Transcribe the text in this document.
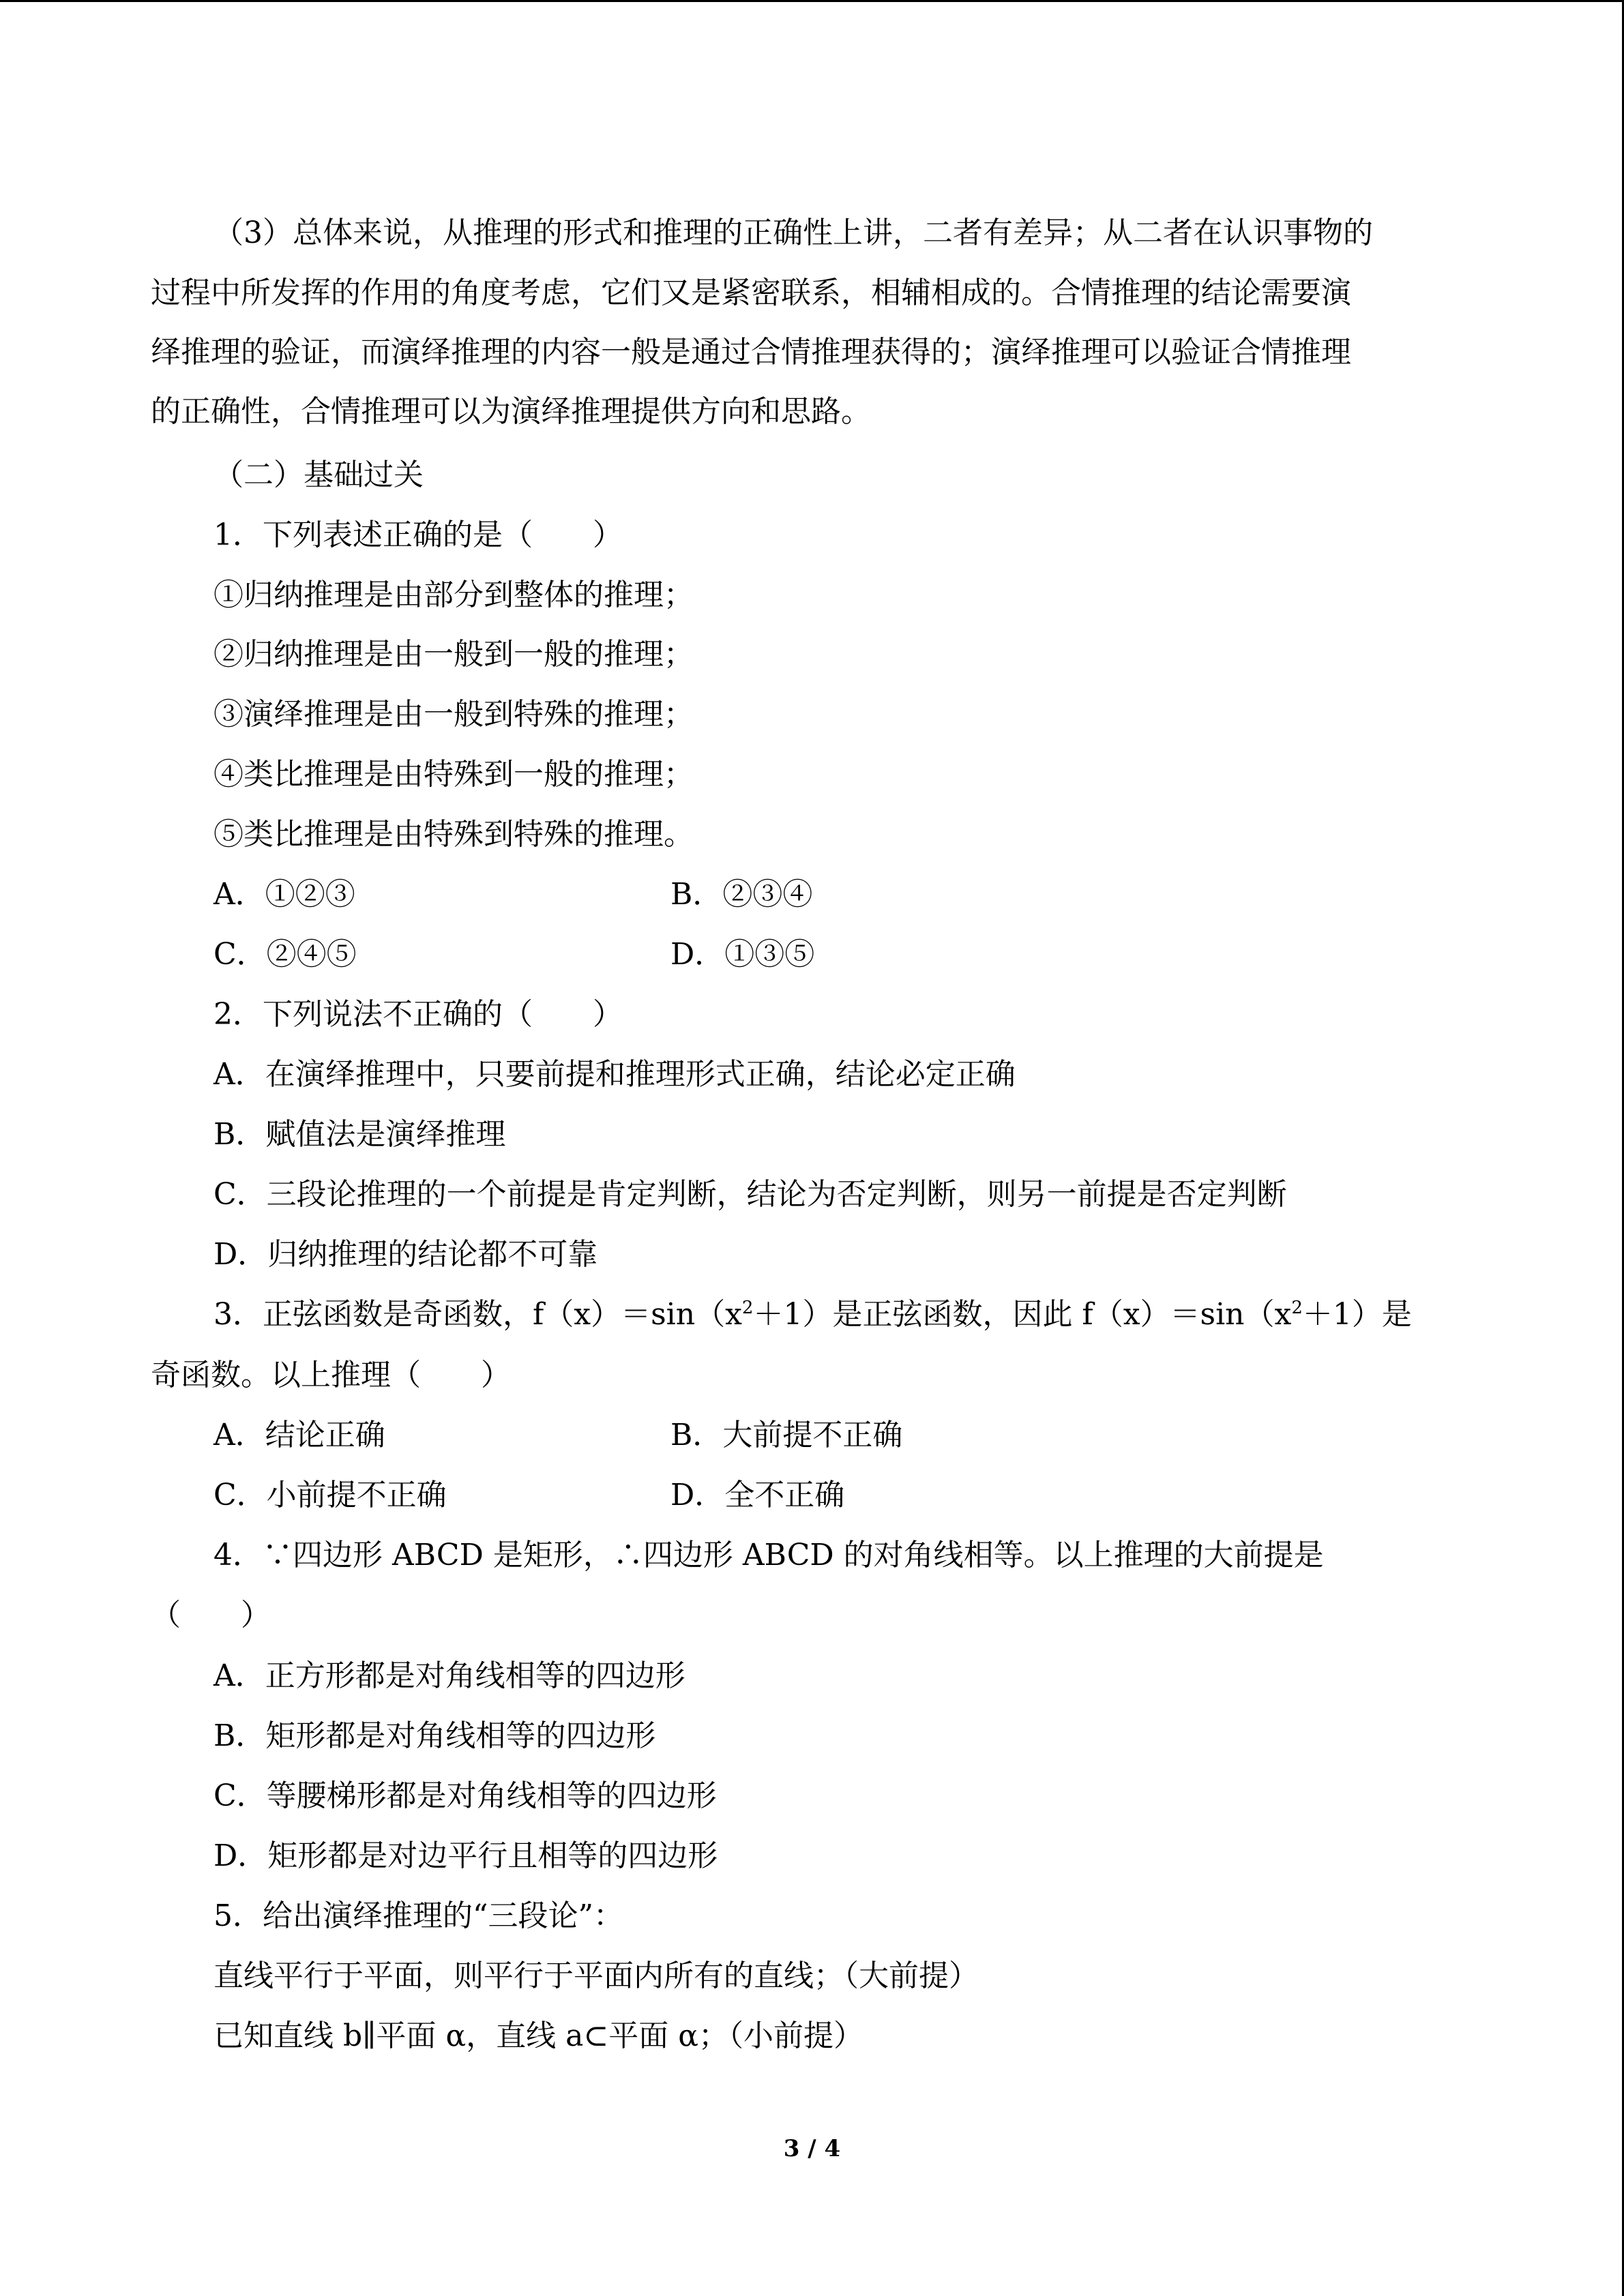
（3）总体来说，从推理的形式和推理的正确性上讲，二者有差异；从二者在认识事物的
过程中所发挥的作用的角度考虑，它们又是紧密联系，相辅相成的。合情推理的结论需要演
绎推理的验证，而演绎推理的内容一般是通过合情推理获得的；演绎推理可以验证合情推理
的正确性，合情推理可以为演绎推理提供方向和思路。
（二）基础过关
1．下列表述正确的是（　　）
①归纳推理是由部分到整体的推理；
②归纳推理是由一般到一般的推理；
③演绎推理是由一般到特殊的推理；
④类比推理是由特殊到一般的推理；
⑤类比推理是由特殊到特殊的推理。
A．①②③	B．②③④
C．②④⑤	D．①③⑤
2．下列说法不正确的（　　）
A．在演绎推理中，只要前提和推理形式正确，结论必定正确
B．赋值法是演绎推理
C．三段论推理的一个前提是肯定判断，结论为否定判断，则另一前提是否定判断
D．归纳推理的结论都不可靠
3．正弦函数是奇函数，$f(x)=\sin(x^2+1)$是正弦函数，因此 $f(x)=\sin(x^2+1)$是
奇函数。以上推理（　　）
A．结论正确	B．大前提不正确
C．小前提不正确	D．全不正确
4．∵四边形 ABCD 是矩形，∴四边形 ABCD 的对角线相等。以上推理的大前提是
（　　）
A．正方形都是对角线相等的四边形
B．矩形都是对角线相等的四边形
C．等腰梯形都是对角线相等的四边形
D．矩形都是对边平行且相等的四边形
5．给出演绎推理的“三段论”：
直线平行于平面，则平行于平面内所有的直线；（大前提）
已知直线 b∥平面 α，直线 a⊂平面 α；（小前提）
3 / 4
